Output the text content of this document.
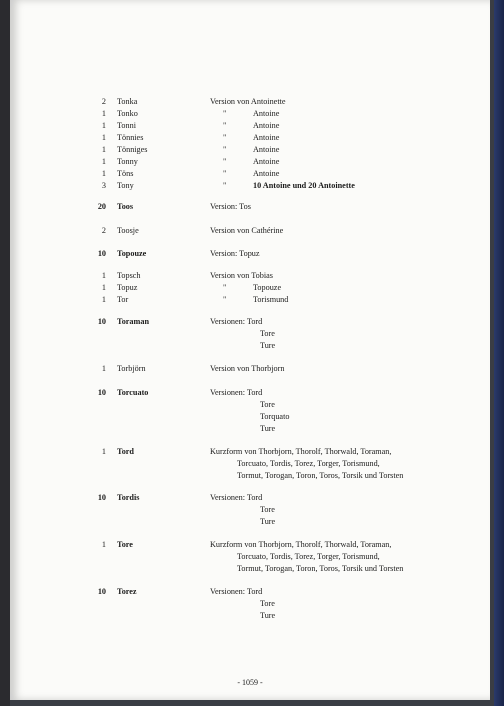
2 Tonka	Version von Antoinette
1 Tonko	"	Antoine
1 Tonni	"	Antoine
1 Tönnies	"	Antoine
1 Tönniges	"	Antoine
1 Tonny	"	Antoine
1 Töns	"	Antoine
3 Tony	"	10 Antoine und 20 Antoinette
20 Toos	Version: Tos
2 Toosje	Version von Cathérine
10 Topouze	Version: Topuz
1 Topsch	Version von Tobias
1 Topuz	"	Topouze
1 Tor	"	Torismund
10 Toraman	Versionen: Tord
Tore
Ture
1 Torbjörn	Version von Thorbjorn
10 Torcuato	Versionen: Tord
Tore
Torquato
Ture
1 Tord	Kurzform von Thorbjorn, Thorolf, Thorwald, Toraman,
Torcuato, Tordis, Torez, Torger, Torismund,
Tormut, Torogan, Toron, Toros, Torsik und Torsten
10 Tordis	Versionen: Tord
Tore
Ture
1 Tore	Kurzform von Thorbjorn, Thorolf, Thorwald, Toraman,
Torcuato, Tordis, Torez, Torger, Torismund,
Tormut, Torogan, Toron, Toros, Torsik und Torsten
10 Torez	Versionen: Tord
Tore
Ture
- 1059 -
